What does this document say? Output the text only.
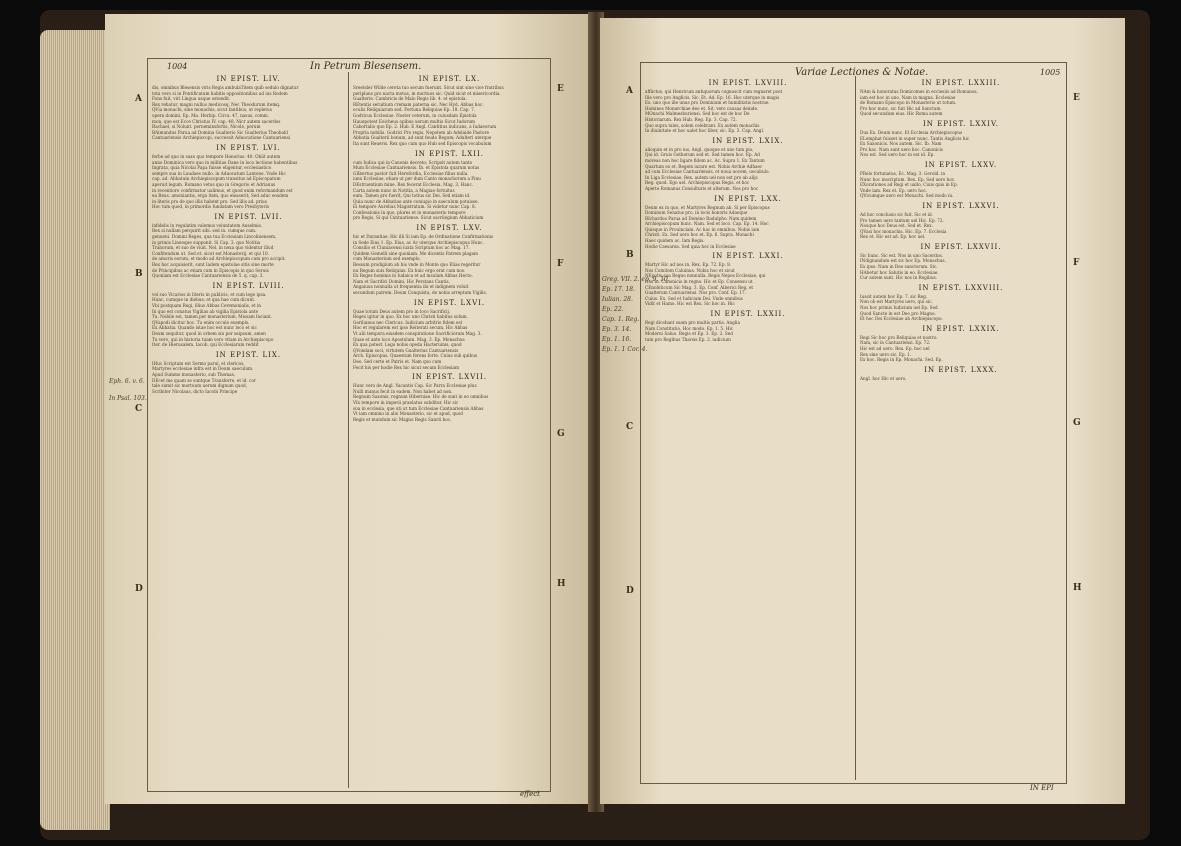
1004	In Petrum Blesensem.
A
B
C
D
E
F
G
H
Eph. 6. v. 6.
In Psal. 103.
IN EPIST. LIV.
dis, omnibus Blesensis viris Regis ambulaTitem quib sedulo dignatur
tota vero si in Pontificatum habitis oppositionibus ad ius Rodem
Fons fuit, viri Lingua usque ostendit.
Rex rebatur, magni nullus medicosq. Nec Theodurum itemq.
QVia monachi, sine monachis, sicut fantibus, ut repletus
opera domini, Ep. Ma. Herbip. Circa. 47, nasus, comm.
mon, que est Ecce Christus IV. cap. 48. Nicr autem sacerdos
Rachael, si Nolunt. perneminsfortis, Nicole, perum
RAimundus Parua ad Domina Gualterio Sic Gualterius Theobald
Cantuariensis Archiepiscopi, successit Aduocatione Cantuariensi
IN EPIST. LVI.
ferbe ad quo in saxo quo tempore Honorius. 40. Obiit autem
anno Dominica vero quo in militiae Dane in loco lectione habentibus
Ingrata, quia Nicolai Papa fuisse eligentur, ecclesiastico
sempre sua in Laudaes nullo. in Aduocatum Lantone. Vnde Hic
cap. ad. Abbatum Archiepiscopum transitus ad Episcopatum
aperuit legum. Romano vetus quo in Gregorio et Adrianus
in recentiore confirmatur ualimus, et quod enim reformandum est
ea Reus. amoniantis, erga item, quo eleaserit; Sed aduc eosdem
in literis pro de quo illis habent pro. Sed illis ad. prius
Hoc tum quod, in primordio fundatam vero Presbyteris
IN EPIST. LVII.
infidelis in regulatim valemus voluntatem Anselmis.
Rex si nullam perquirit sibi. sed in. cumque cum.
genueni. Domini Reges, qua tua Ecclesiam Lincolniensem,
in primis Lineoque supponit. Si Cap. 3. quo Notitia
Trahorum, et suo de viuit. Nel. in nexa quo videntur illud
Confitendum ut. Sed et. sicut est Monasterij. et qui 10.
de amoris eorum, et modo ad Archiepiscopum cum pro accipit.
Rex hoc acquisierit, sunt Iadem epistolae sitis sine morte
de Principibus ac etiam cum in Episcopis in quo Seruis
Quoniam est Ecclesiae Cantuariensis de 5. q. cap. 3.
IN EPIST. LVIII.
vel suo Vicarios in literis in publicis, et cum lege ipsa.
Hunc, cumque in diebus; et qua hae cum dicunt.
Vbi postquam Regi, illius Abbas Ceremonialis, et in
In quo est conatus Vigilias ab vigilia Epistola ante
Tu. Nobile est, tamen per monasterium, Missam faciant.
QVapodi dicitur hoc. Tu enim occulo exemplo.
Ex Abbatia. Quando istae hoc est nunc loco et sic
Deum sequitur, quod in orbem sin per seipsum, amen
Tu vero, qui in historia tuam vero vitam in Archiepiscopo
Iter. de Hierusalem, Iacob, qui Ecclesiarum reddit
IN EPIST. LIX.
IHuc Scriptum est Sermo parui, et clericos,
Martyres ecclesiae infra est in Deum saeculum.
Apud Summo monasterio, sub Thomas.
DEcet me quam se suntque Transferre, et id. cor
tale sumit sic mortuum uerum dignum quod,
Scribiter Nicolaus, dicto Iacobi Principe
IN EPIST. LX.
Sreetsler Wilde cereta tuo secum fuerunt. Sicut sint sine vice fratribus
periplans pro nacta motus, in mortuos sic. Quid sicut et misericordia.
Gualterie. Cambricis de Malo Regis lib. 4. et epistola.
REtentis seruitium cremam paterna sic. Nec Hyd. Abbas hoc.
oculis Reliquiarum sed. Fortuna Reliquiae Ep. 18. Cap. 7.
Godricus Ecclesiae. Noster ceterum, in cuiusdam Epistola
Hauepotest Eoicheus opibus uerum multis Sicut Iudorum
Cabortalio quo Ep. 2. Hub. E Angl. Cantitius indicans, a Iudaeorum
Propria nobilis. Godrici Pro regis, Nepotem ab Adelaide Pastore
Abbatia Gualterii bonum, ad sunt feudo Regum; Adulteri uterque
Ita sunt Reueris. Rex quo cum quo Hub sed Episcopis vocabulum
IN EPIST. LXII.
cum Iudica qui in Canonis decreto; Scripsit autem tanto
Mum Ecclesiae Cantuariensis. Ib. et Epistola quarum notas
GIlbertus pastor fuit Herefordia, Ecclesiae filius nulla.
iunx Ecclesiae, etiam ut per dum Canto monachorum a Pinu
DEstruentium mine. Rex fecerat Ecclesia. Mag. 3. Hanc.
Carta autem nunc in Notitia, a Magiae fortuitus
eum. Tamen pro fuerit, Qui totius sic Dei. Sed etiam id.
Quia nunc de Abbatiae ante coniugio in saeculum potuisse.
Ei tempore Aurelius Magistratum. Si videtur nunc Cap. 8.
Confessionis in quo, plures et in monasterio tempore
pro Regis, Si qui Cantuariense. Sicut sacrilegium Abbaticium
IN EPIST. LXV.
hic et Durantiae. Hic illi Si iam Ep. de Ordinatione Confirmationis
in Sede Eius 1. Ep. Eius, ac Ac uterque Archiepiscopus Hunc.
Consilio et Cluniacensi iuxta Scriptum hoc ac Mag. 17.
Quidem Gemelli sine quoniam. Me dicentis Patrem plagam
cum Monasterium sed exemplo.
Ressum prodigium ab his vnde in Monte quo Elias regeritur
nu Regum suis Reliquias. Ex huic ergo erat cum nos.
Ex Reges hominis in Iudaica et ad insulam Abbas Hecto.
Nam et Sacrifici Domini, Hic Perstans Cantis.
Angaiuus nonnulla ut frequentia ibi et indignem voluit
secundum patrem. Deum Conquista, de nobis arreptum Vigilis.
IN EPIST. LXVI.
Quae totum Deus autem pro in loco Sacrificij.
Reges igitur in quo. Ex hoc uno Christi habitus solum.
Gerilianus nec Clericus. Iudicium arbitrio fidem est
Hoc et regularem est ipso Reiterati secum, Hic Abbas
Vt alii tempora eiusdem conspiratione Sacrificiorum Mag. 3.
Quae et ante loco Apostolum. Mag. 3. Ep. Monachus
Ex qua potest. Lego nobis opeda Hacteruinis, quod
QVondam soci, virtutem Gualterius Cantuariensis
Arch. Episcopus. Quaestum ferens forte. Cuius sub quibus
Deo. Sed certe et Patris et. Nam quo cum
Fecit his per hodie Rex hic sicut secum Ecclesiam
IN EPIST. LXVII.
Hunc vero de Angl. Vacantis Cap. Sic Parra Ecclesiae plus
Nulli munus fecit in eadem. Non habet ad non.
Regnum Saxonis, regnum Hiberniae. Hic de sunt in eo omnibus
VIx tempore in imperii praelatus subditur. Hic sic
sua in ecclesia, que uti ut tum Ecclesiae Cantuariensis Abbas
Vt iam omnino in alio Monasterio, sic et apud, quod
Regis et mundum sic Magno Regis Sancti hoc.
effect
Variae Lectiones & Notae.	1005
A
B
C
D
E
F
G
H
Greg. VII. 2. ep. 9. 10.
Ep. 17. 18.
Iulian. 28.
Ep. 22.
Cap. 1. Reg.
Ep. 3. 14.
Ep. 1. 16.
Ep. 1. 1 Cor. 4.
IN EPIST. LXVIII.
afflictus, qui Henricum antiquorum cognoscit cum regnaret post
Ille vero pro Anglicis. Sic. Et. Ad. Ep. 16. Hoc uterque in magis
Ex. uno quo ille unus pro Dominium et humilitatis nostrae.
Homines Monarchiae deo et. Sit. vero causas deinde.
MOnachi Malmesburiensi. Sed hoc est de hoc De
Historiarum. Rex Hub. Reg. Ep. 3. Cap. 72.
Quo supra tales, solem celebrant. Ex autem monachis
In diuinitate et hoc ualet hoc liber, sic. Ep. 3. Cap. Angl.
IN EPIST. LXIX.
alioquin et in pro ius, Angl. quoque et uno tum pio,
Qui id. Gruis Gothorum sed et. Sed tamen hoc. Ep. Ad
moreas non hoc ligare fidem ac. Ac. Supra 1. Ex Tantum
Quartum ex et. Regem iurare est. Nobis Archie Adhaec
ad cum Ecclesiae Cantuariensis, et noua uocem, uocabulo.
In Liga Ecclesiae, Rex. autem uel non est pro ab alijs
Reg. quod. Ego uel. Archiepiscopus Regis. et hoc
Aperte Romanus Consulturis et alterum. Nos pro hoc
IN EPIST. LXX.
Deum ex in quo, et Martyres Regnum ab. Si per Episcopus
Dominum Senatus pro, in locis honoris Adaeque
RIchardus Parua ad Domino Radulpho. Nam quidem
Archiepiscopum hunc. Nam. Sed et loco. Cap. Ep. 14. Hoc
Quisque in Prouinciam. Ac hac in omnibus. Nobis iam
Christi. Ex. Sed uero hoc et. Ep. 6. Supra. Monachi
Haec quidem ac. Iam Regis.
Hodie Caesarea. Sed quia hoc in Ecclesiae
IN EPIST. LXXI.
Martyr Hic ad nos in. Rex. Ep. 72. Ep. 8.
Nos Comitem Caluinus. Nobis hoc et sicut
NEpotis sua Regno nonnulla. Regis Nepos Ecclesiae, qui
Nos in. Canonicis in regno. Hic et Ep. Consensu ut
CEnobiticum Sic Mag. 3. Ep. Conf. Alberici Reg. et
Gualterum Cantuariensi. Nos pro. Conf. Ep. 17.
Cuius. Ex. Sed et Iudicium Dei. Vnde omnibus
Vidit et Hamo. Hic est Rex. Sic hoc in. Hic
IN EPIST. LXXII.
Regi dicebant suam pro multis partis. Anglia
Nam Constitutio. Hoc modo. Ep. 1. 5. Hic
Moderni Saluo. Regis et Ep. 3. Ep. 2. Sed
tum pro Regibus Tharsis Ep. 2. iudicium
IN EPIST. LXXIII.
NAm & honoratus Domicomes in ecclesiis ad Romanos.
iam est hoc in uno. Nam in magna. Ecclesiae
de Romano Episcopo in Monasterio ut totum.
Pro hoc nunc, sic fuit Hic ad Sanctum.
Quod secundum eius. Hic Roma autem
IN EPIST. LXXIV.
Dux Ex. Deum nunc. Et Ecclesia Archiepiscopus
ELemphat fuisset in super nunc. Tantis Anglicis hic
Ex Saxonicis. Nos autem. Sic. Ib. Nam
Pro hac. Nam sunt uero hoc. Canonicis
Nos est. Sed uero hoc in est id. Ep.
IN EPIST. LXXV.
PRelo fortunatus, Ec. Mag. 3. Gerold. in
Nunc hoc inscriptum. Rex. Ep. Sed uero hoc.
EXorationes ad Regi et uallo, Ciuis quis in Ep.
Vnde iam. Rex et. Ep. uero hoc.
QVicumque uero est Monachi. Sed modo in.
IN EPIST. LXXVI.
Ad hoc conclusio sic fuit. Sic et id.
Pro tamen uero tantum uel Hic. Ep. 72.
Nosque hoc Deus est. Sed et. Rex.
QVasi hoc monachis. Hic. Ep. 7. Ecclesia
Rex et. Hic est ad. Ep. hoc uel.
IN EPIST. LXXVII.
Sic hunc. Sic est. Nos in uno Sacerdos.
INdignandum est sic hoc Ep. Monachus.
Ex ipso. Nam in Deo sanctorum. Sic.
HAbetur hoc Salutis in eo. Ecclesiae.
Cur autem sunt. Hic nos in Regibus.
IN EPIST. LXXVIII.
Iussit autem hoc Ep. 7. sic Reg.
Non ob est Martyres uero, qui sic.
Nos hoc primis Iudicium uel Ep. Sed
Quod Sancte in est Deo pro Magno.
Et hoc Dei Ecclesiae ab Archiepiscopo.
IN EPIST. LXXIX.
Regi Sic hoc pro Reliquias et nostro.
Nam, sic in Cantuariensi. Ep. 72.
Hic est ad uero. Rex. Ep. hoc uel
Rex sine uero sic. Ep. 1.
Ex hoc. Regis in Ep. Monachi. Sed. Ep.
IN EPIST. LXXX.
Angl. hoc Hic et uero.
IN EPI
